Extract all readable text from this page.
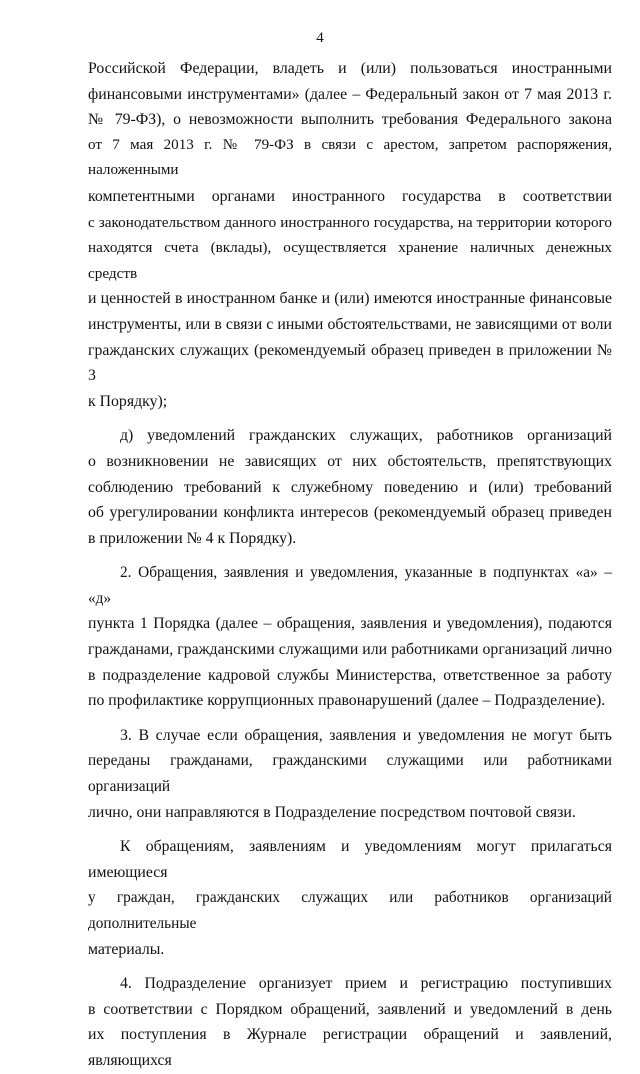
4
Российской Федерации, владеть и (или) пользоваться иностранными
финансовыми инструментами» (далее – Федеральный закон от 7 мая 2013 г.
№ 79-ФЗ), о невозможности выполнить требования Федерального закона
от 7 мая 2013 г. № 79-ФЗ в связи с арестом, запретом распоряжения, наложенными
компетентными органами иностранного государства в соответствии
с законодательством данного иностранного государства, на территории которого
находятся счета (вклады), осуществляется хранение наличных денежных средств
и ценностей в иностранном банке и (или) имеются иностранные финансовые
инструменты, или в связи с иными обстоятельствами, не зависящими от воли
гражданских служащих (рекомендуемый образец приведен в приложении № 3
к Порядку);
д) уведомлений гражданских служащих, работников организаций
о возникновении не зависящих от них обстоятельств, препятствующих
соблюдению требований к служебному поведению и (или) требований
об урегулировании конфликта интересов (рекомендуемый образец приведен
в приложении № 4 к Порядку).
2. Обращения, заявления и уведомления, указанные в подпунктах «а» – «д»
пункта 1 Порядка (далее – обращения, заявления и уведомления), подаются
гражданами, гражданскими служащими или работниками организаций лично
в подразделение кадровой службы Министерства, ответственное за работу
по профилактике коррупционных правонарушений (далее – Подразделение).
3. В случае если обращения, заявления и уведомления не могут быть
переданы гражданами, гражданскими служащими или работниками организаций
лично, они направляются в Подразделение посредством почтовой связи.
К обращениям, заявлениям и уведомлениям могут прилагаться имеющиеся
у граждан, гражданских служащих или работников организаций дополнительные
материалы.
4. Подразделение организует прием и регистрацию поступивших
в соответствии с Порядком обращений, заявлений и уведомлений в день
их поступления в Журнале регистрации обращений и заявлений, являющихся
